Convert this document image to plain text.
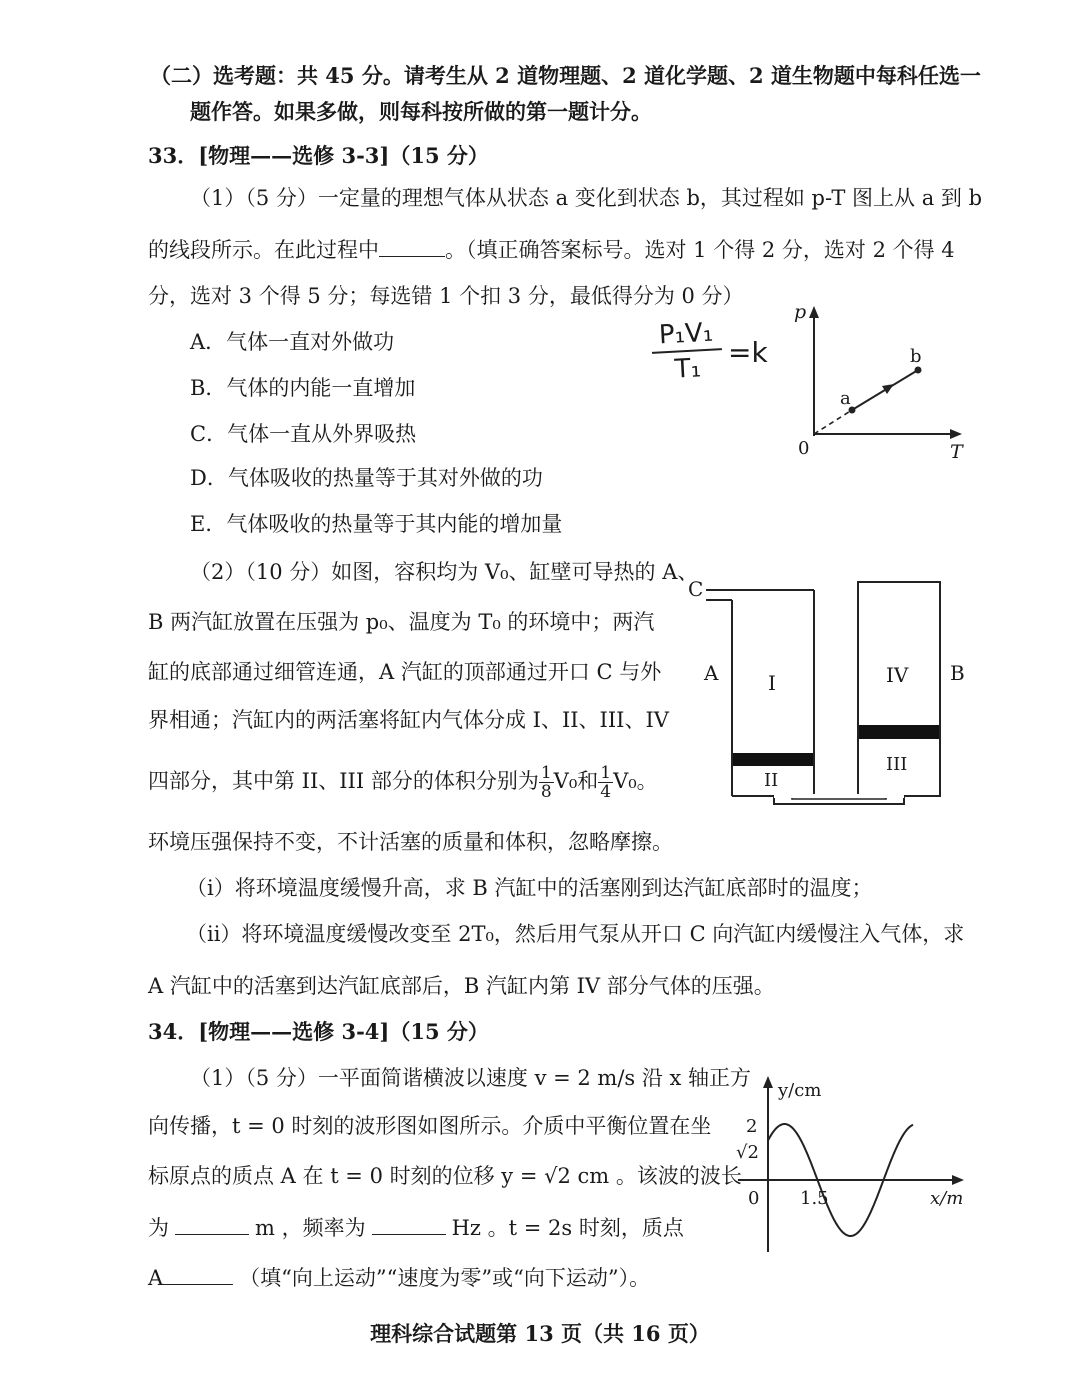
（二）选考题：共 45 分。请考生从 2 道物理题、2 道化学题、2 道生物题中每科任选一
题作答。如果多做，则每科按所做的第一题计分。
33．[物理——选修 3-3]（15 分）
（1）（5 分）一定量的理想气体从状态 a 变化到状态 b，其过程如 p-T 图上从 a 到 b
的线段所示。在此过程中	。（填正确答案标号。选对 1 个得 2 分，选对 2 个得 4
分，选对 3 个得 5 分；每选错 1 个扣 3 分，最低得分为 0 分）
A．气体一直对外做功
B．气体的内能一直增加
C．气体一直从外界吸热
D．气体吸收的热量等于其对外做的功
E．气体吸收的热量等于其内能的增加量
$\frac{\text{P₁V₁}}{\text{T₁}} =k$
p
T
0
a
b
（2）（10 分）如图，容积均为 V₀、缸壁可导热的 A、
B 两汽缸放置在压强为 p₀、温度为 T₀ 的环境中；两汽
缸的底部通过细管连通，A 汽缸的顶部通过开口 C 与外
界相通；汽缸内的两活塞将缸内气体分成 I、II、III、IV
四部分，其中第 II、III 部分的体积分别为 $\frac{1}{8} V_0$和 $\frac{1}{4} V_0$。
环境压强保持不变，不计活塞的质量和体积，忽略摩擦。
（i）将环境温度缓慢升高，求 B 汽缸中的活塞刚到达汽缸底部时的温度；
（ii）将环境温度缓慢改变至 2T₀，然后用气泵从开口 C 向汽缸内缓慢注入气体，求
A 汽缸中的活塞到达汽缸底部后，B 汽缸内第 IV 部分气体的压强。
C
A	B
I
II
IV
III
34．[物理——选修 3-4]（15 分）
（1）（5 分）一平面简谐横波以速度 v = 2 m/s 沿 x 轴正方
向传播，t = 0 时刻的波形图如图所示。介质中平衡位置在坐
标原点的质点 A 在 t = 0 时刻的位移 y = √2 cm 。该波的波长
为	m ，频率为	Hz 。t = 2s 时刻，质点
A	（填“向上运动”“速度为零”或“向下运动”）。
y/cm
x/m
2
√2
0 1.5
理科综合试题第 13 页（共 16 页）
